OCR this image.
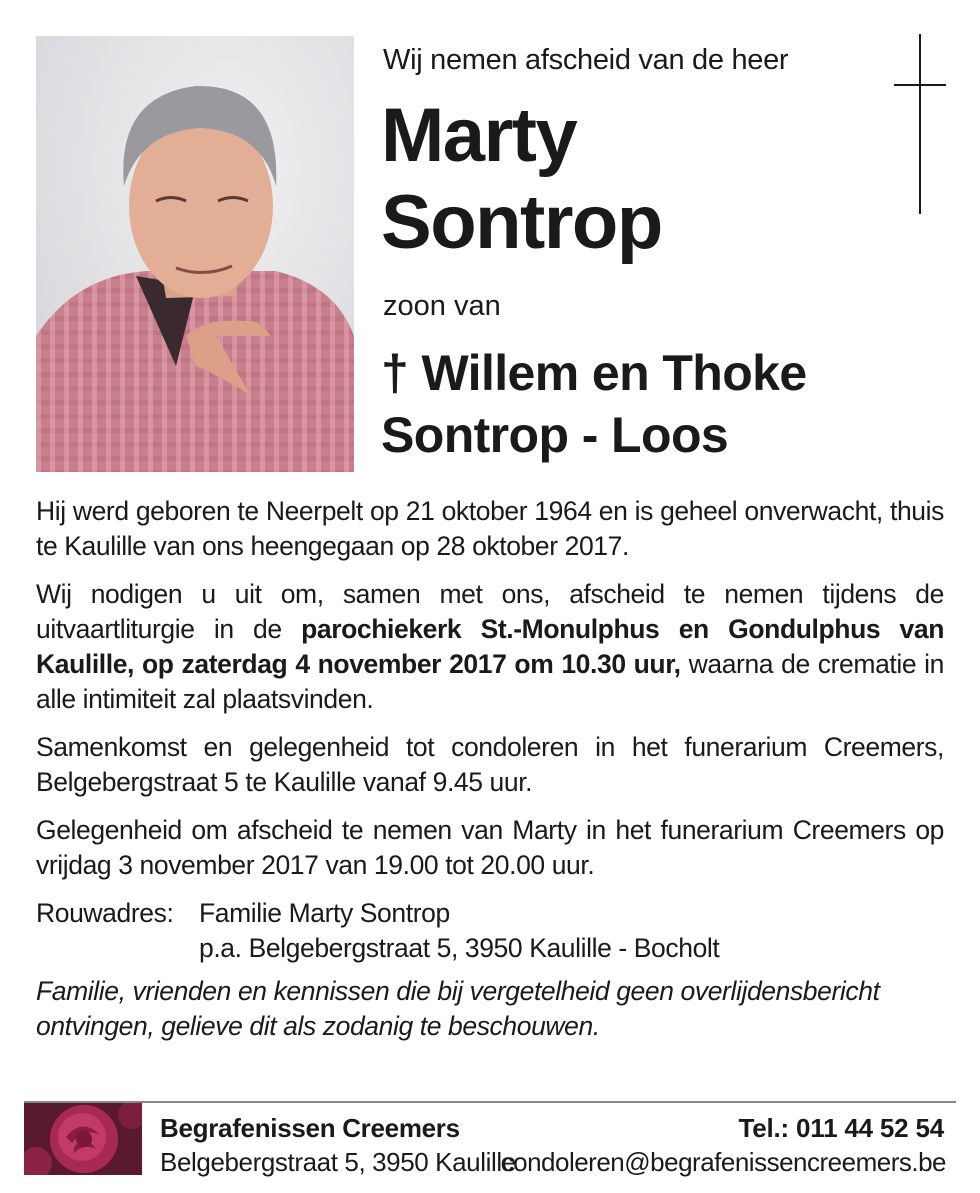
Wij nemen afscheid van de heer
Marty
Sontrop
zoon van
† Willem en Thoke
Sontrop - Loos

Hij werd geboren te Neerpelt op 21 oktober 1964 en is geheel onverwacht, thuis te Kaulille van ons heengegaan op 28 oktober 2017.

Wij nodigen u uit om, samen met ons, afscheid te nemen tijdens de uitvaartliturgie in de parochiekerk St.-Monulphus en Gondulphus van Kaulille, op zaterdag 4 november 2017 om 10.30 uur, waarna de crematie in alle intimiteit zal plaatsvinden.

Samenkomst en gelegenheid tot condoleren in het funerarium Creemers, Belgebergstraat 5 te Kaulille vanaf 9.45 uur.

Gelegenheid om afscheid te nemen van Marty in het funerarium Creemers op vrijdag 3 november 2017 van 19.00 tot 20.00 uur.

Rouwadres: Familie Marty Sontrop
p.a. Belgebergstraat 5, 3950 Kaulille - Bocholt

Familie, vrienden en kennissen die bij vergetelheid geen overlijdensbericht ontvingen, gelieve dit als zodanig te beschouwen.

Begrafenissen Creemers
Belgebergstraat 5, 3950 Kaulille
Tel.: 011 44 52 54
condoleren@begrafenissencreemers.be
